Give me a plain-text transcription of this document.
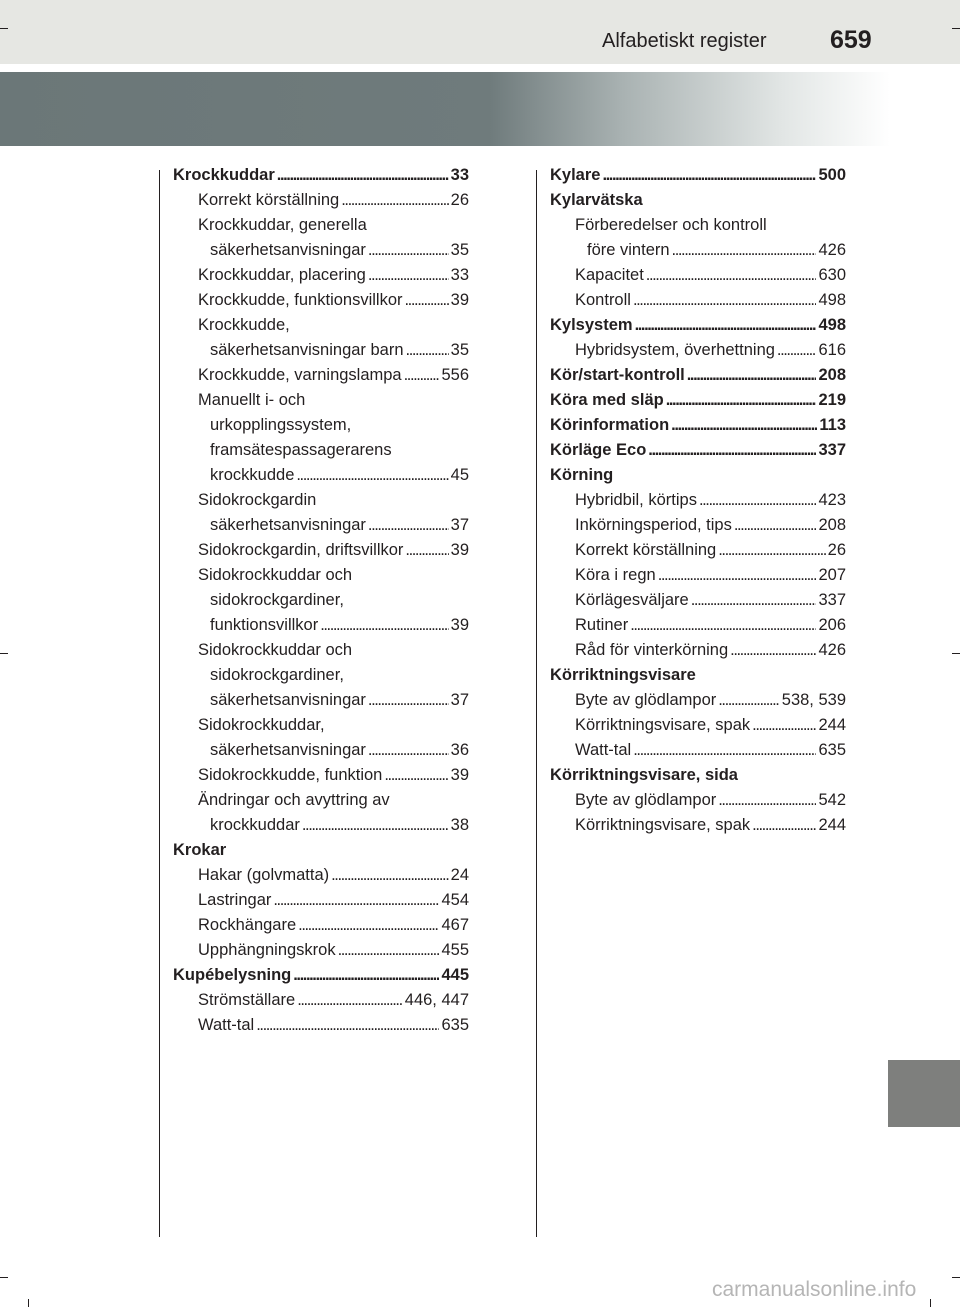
Alfabetiskt register	659
Krockkuddar . . .	33
Korrekt körställning . . .	26
Krockkuddar, generella
säkerhetsanvisningar . . .	35
Krockkuddar, placering . . .	33
Krockkudde, funktionsvillkor . . .	39
Krockkudde,
säkerhetsanvisningar barn . . .	35
Krockkudde, varningslampa . . . 556
Manuellt i- och
urkopplingssystem,
framsätespassagerarens
krockkudde . . .	45
Sidokrockgardin
säkerhetsanvisningar . . .	37
Sidokrockgardin, driftsvillkor . . .	39
Sidokrockkuddar och
sidokrockgardiner,
funktionsvillkor . . .	39
Sidokrockkuddar och
sidokrockgardiner,
säkerhetsanvisningar . . .	37
Sidokrockkuddar,
säkerhetsanvisningar . . .	36
Sidokrockkudde, funktion . . .	39
Ändringar och avyttring av
krockkuddar . . .	38
Krokar
Hakar (golvmatta) . . .	24
Lastringar . . .	454
Rockhängare . . .	467
Upphängningskrok . . .	455
Kupébelysning . . .	445
Strömställare . . .	446, 447
Watt-tal . . .	635
Kylare . . .	500
Kylarvätska
Förberedelser och kontroll
före vintern . . .	426
Kapacitet . . .	630
Kontroll . . .	498
Kylsystem . . .	498
Hybridsystem, överhettning . . .	616
Kör/start-kontroll . . .	208
Köra med släp . . .	219
Körinformation . . .	113
Körläge Eco . . .	337
Körning
Hybridbil, körtips . . .	423
Inkörningsperiod, tips . . .	208
Korrekt körställning . . .	26
Köra i regn . . .	207
Körlägesväljare . . .	337
Rutiner . . .	206
Råd för vinterkörning . . .	426
Körriktningsvisare
Byte av glödlampor . . .	538, 539
Körriktningsvisare, spak . . .	244
Watt-tal . . .	635
Körriktningsvisare, sida
Byte av glödlampor . . .	542
Körriktningsvisare, spak . . .	244
carmanualsonline.info
